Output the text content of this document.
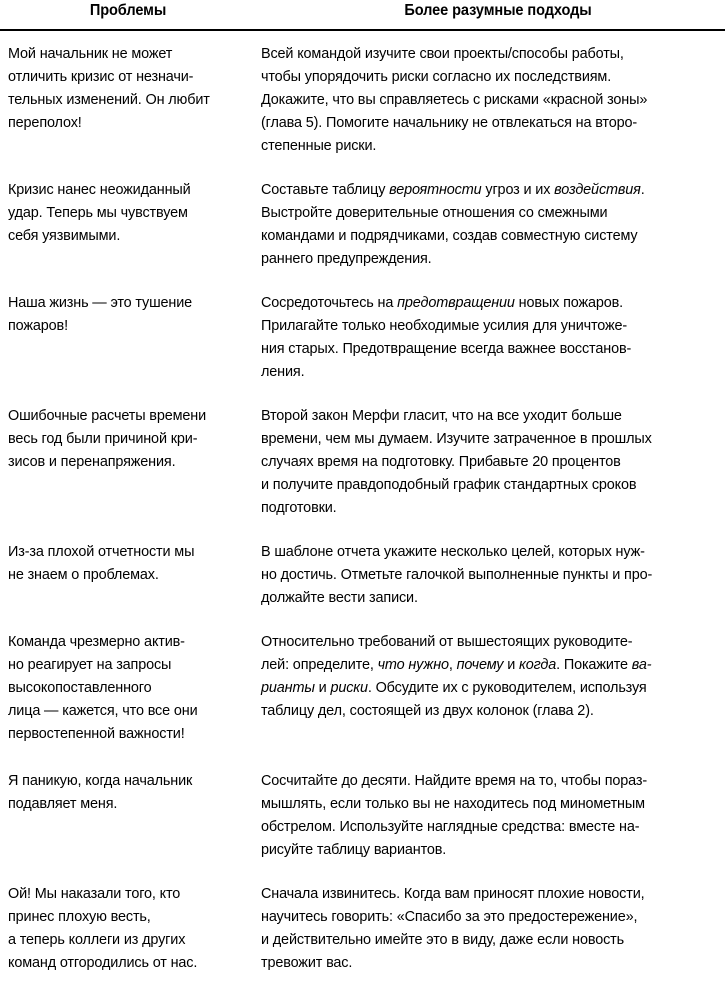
Проблемы	Более разумные подходы
Мой начальник не может
отличить кризис от незначи-
тельных изменений. Он любит
переполох!
Всей командой изучите свои проекты/способы работы,
чтобы упорядочить риски согласно их последствиям.
Докажите, что вы справляетесь с рисками «красной зоны»
(глава 5). Помогите начальнику не отвлекаться на второ-
степенные риски.
Кризис нанес неожиданный
удар. Теперь мы чувствуем
себя уязвимыми.
Составьте таблицу вероятности угроз и их воздействия.
Выстройте доверительные отношения со смежными
командами и подрядчиками, создав совместную систему
раннего предупреждения.
Наша жизнь — это тушение
пожаров!
Сосредоточьтесь на предотвращении новых пожаров.
Прилагайте только необходимые усилия для уничтоже-
ния старых. Предотвращение всегда важнее восстанов-
ления.
Ошибочные расчеты времени
весь год были причиной кри-
зисов и перенапряжения.
Второй закон Мерфи гласит, что на все уходит больше
времени, чем мы думаем. Изучите затраченное в прошлых
случаях время на подготовку. Прибавьте 20 процентов
и получите правдоподобный график стандартных сроков
подготовки.
Из-за плохой отчетности мы
не знаем о проблемах.
В шаблоне отчета укажите несколько целей, которых нуж-
но достичь. Отметьте галочкой выполненные пункты и про-
должайте вести записи.
Команда чрезмерно актив-
но реагирует на запросы
высокопоставленного
лица — кажется, что все они
первостепенной важности!
Относительно требований от вышестоящих руководите-
лей: определите, что нужно, почему и когда. Покажите ва-
рианты и риски. Обсудите их с руководителем, используя
таблицу дел, состоящей из двух колонок (глава 2).
Я паникую, когда начальник
подавляет меня.
Сосчитайте до десяти. Найдите время на то, чтобы пораз-
мышлять, если только вы не находитесь под минометным
обстрелом. Используйте наглядные средства: вместе на-
рисуйте таблицу вариантов.
Ой! Мы наказали того, кто
принес плохую весть,
а теперь коллеги из других
команд отгородились от нас.
Сначала извинитесь. Когда вам приносят плохие новости,
научитесь говорить: «Спасибо за это предостережение»,
и действительно имейте это в виду, даже если новость
тревожит вас.
